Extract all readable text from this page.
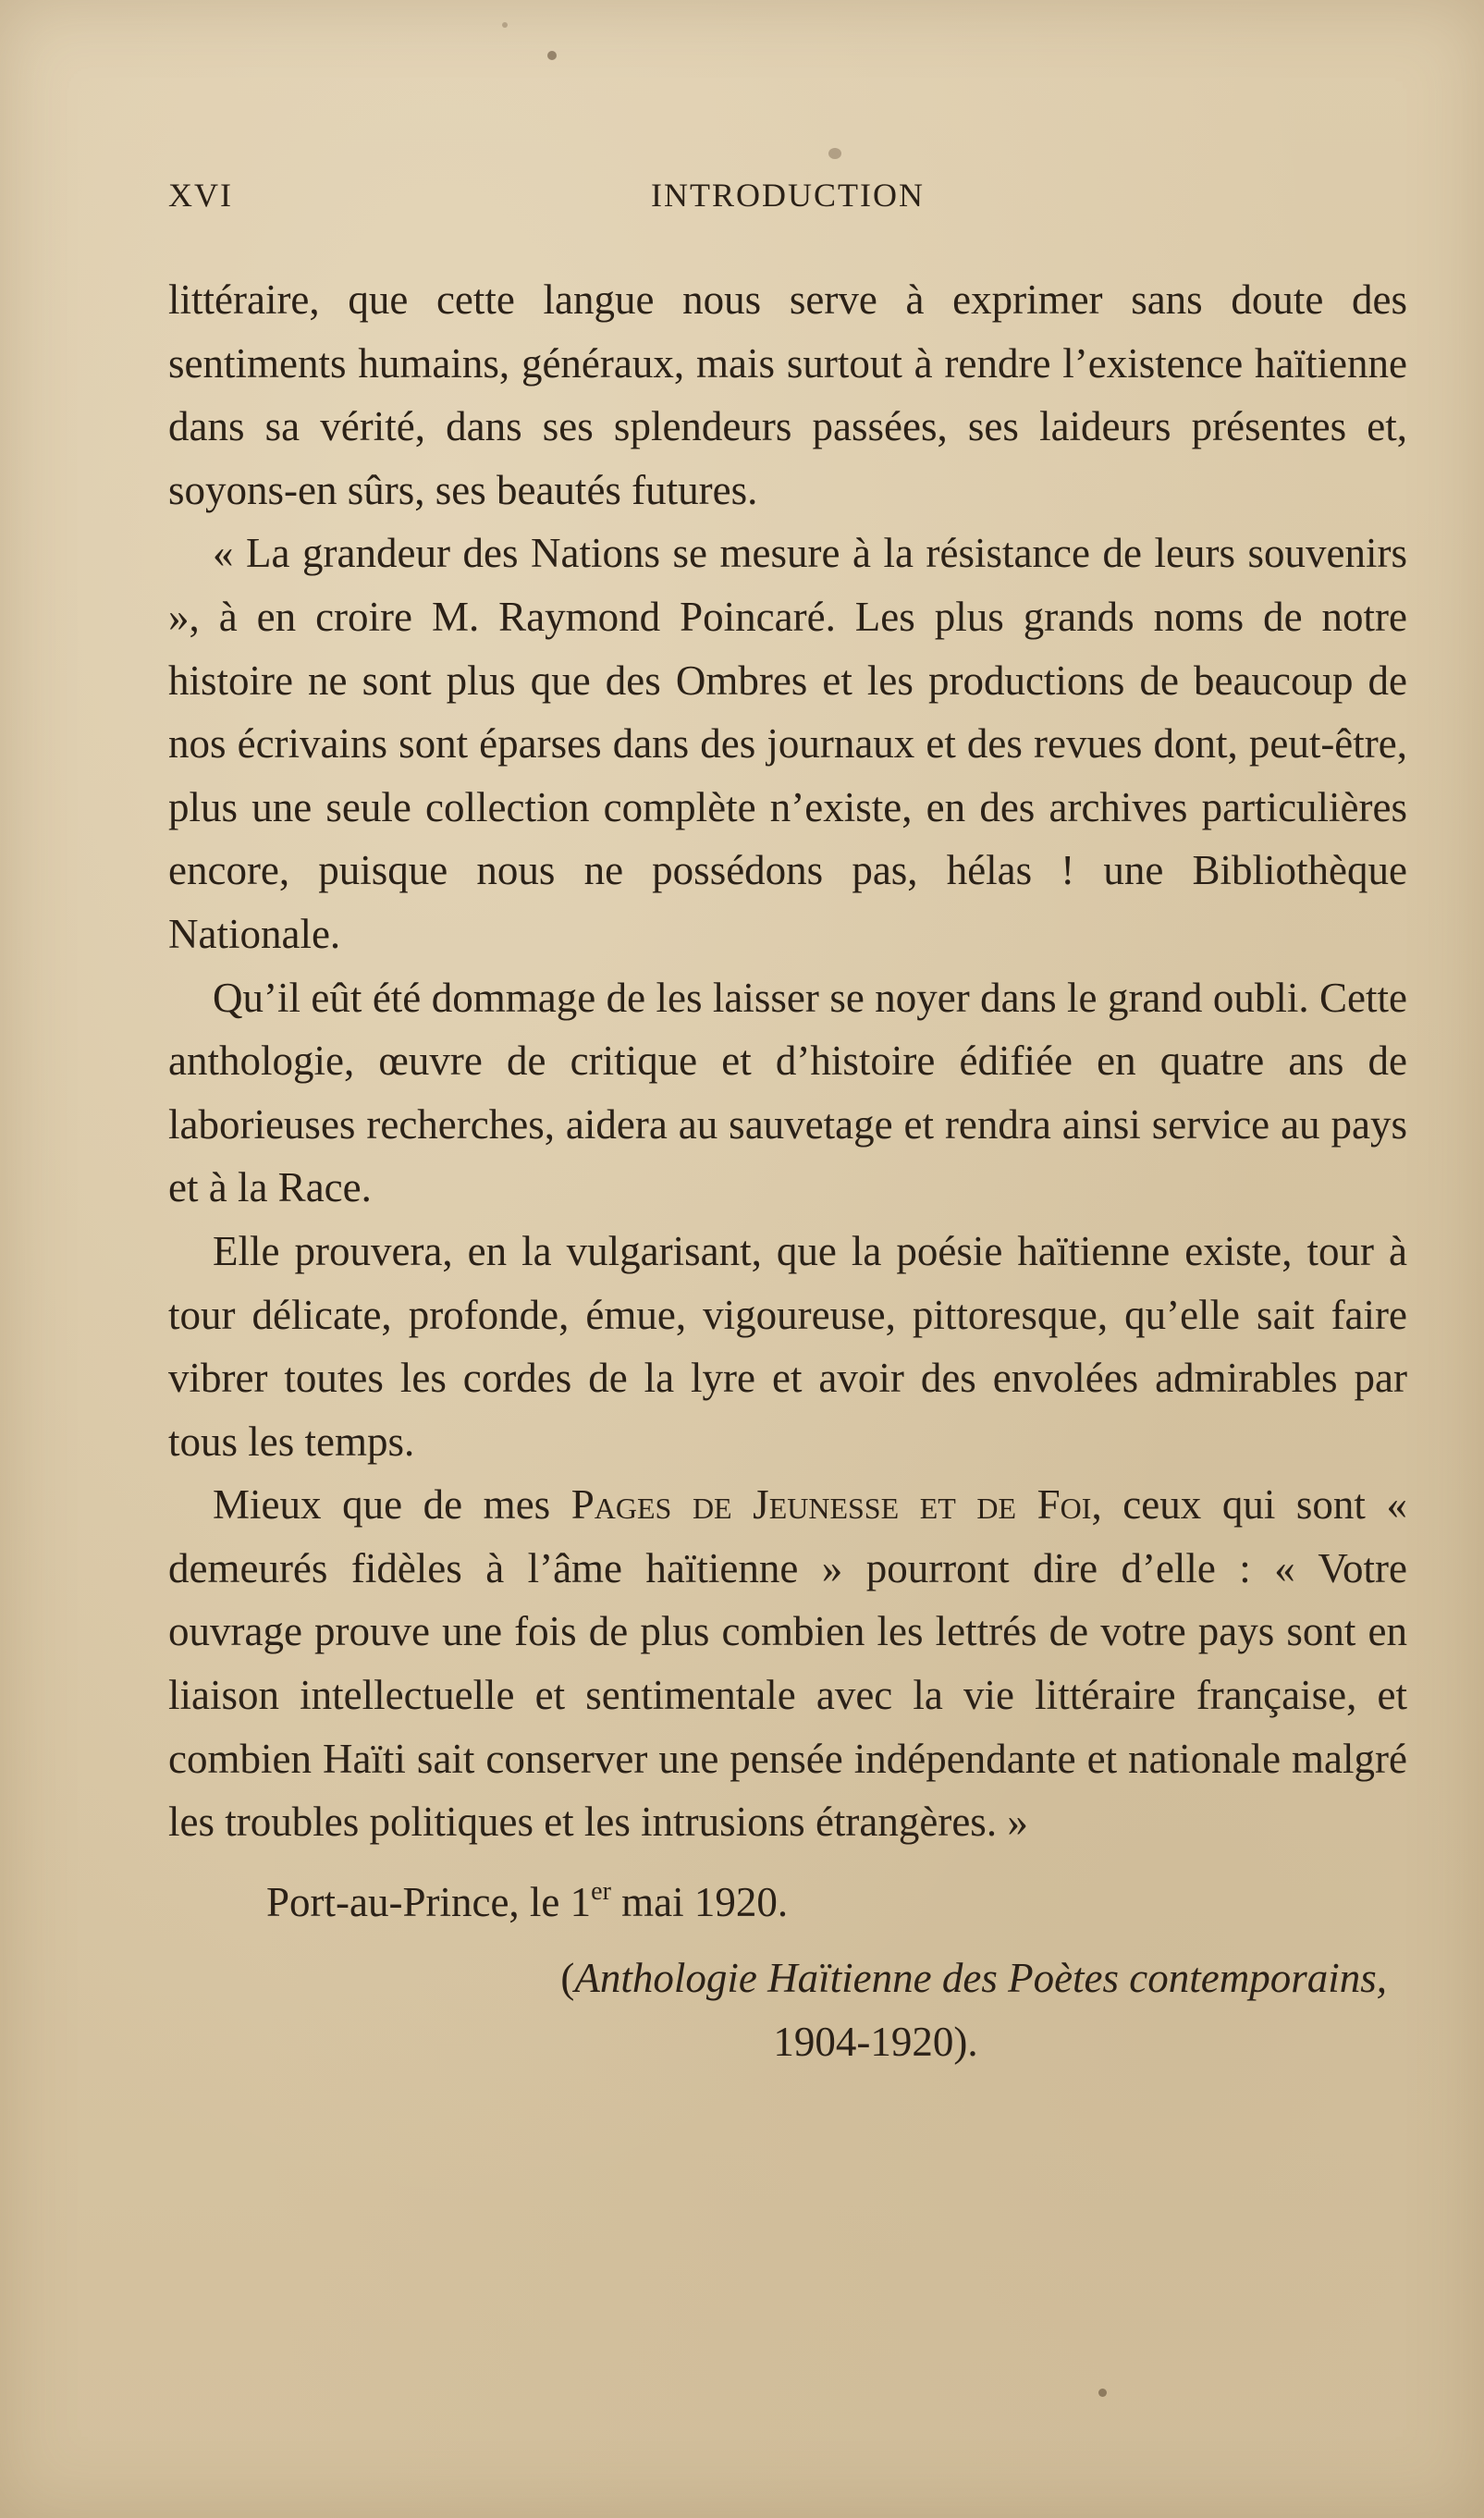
XVI	INTRODUCTION

littéraire, que cette langue nous serve à exprimer sans doute des sentiments humains, généraux, mais surtout à rendre l’existence haïtienne dans sa vérité, dans ses splendeurs passées, ses laideurs présentes et, soyons-en sûrs, ses beautés futures.

« La grandeur des Nations se mesure à la résistance de leurs souvenirs », à en croire M. Raymond Poincaré. Les plus grands noms de notre histoire ne sont plus que des Ombres et les productions de beaucoup de nos écrivains sont éparses dans des journaux et des revues dont, peut-être, plus une seule collection complète n’existe, en des archives particulières encore, puisque nous ne possédons pas, hélas ! une Bibliothèque Nationale.

Qu’il eût été dommage de les laisser se noyer dans le grand oubli. Cette anthologie, œuvre de critique et d’histoire édifiée en quatre ans de laborieuses recherches, aidera au sauvetage et rendra ainsi service au pays et à la Race.

Elle prouvera, en la vulgarisant, que la poésie haïtienne existe, tour à tour délicate, profonde, émue, vigoureuse, pittoresque, qu’elle sait faire vibrer toutes les cordes de la lyre et avoir des envolées admirables par tous les temps.

Mieux que de mes Pages de Jeunesse et de Foi, ceux qui sont « demeurés fidèles à l’âme haïtienne » pourront dire d’elle : « Votre ouvrage prouve une fois de plus combien les lettrés de votre pays sont en liaison intellectuelle et sentimentale avec la vie littéraire française, et combien Haïti sait conserver une pensée indépendante et nationale malgré les troubles politiques et les intrusions étrangères. »

Port-au-Prince, le 1er mai 1920.

(Anthologie Haïtienne des Poètes contemporains,

1904-1920).
